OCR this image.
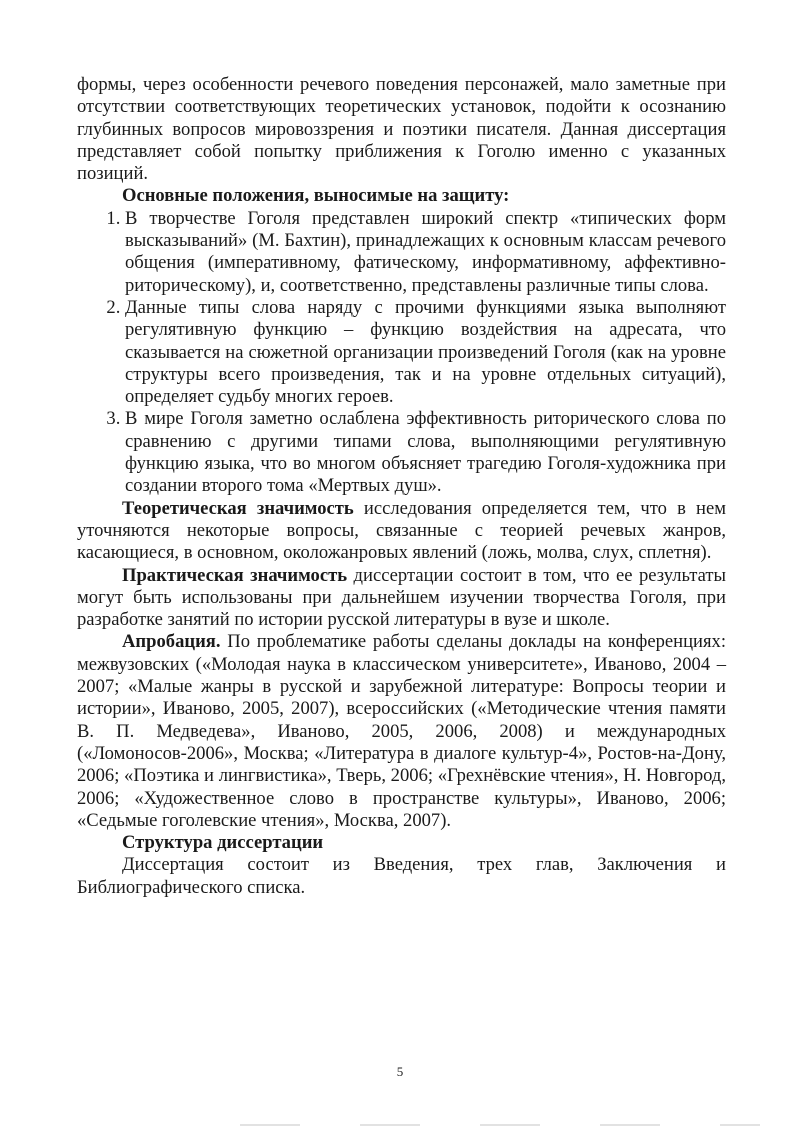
формы, через особенности речевого поведения персонажей, мало заметные при отсутствии соответствующих теоретических установок, подойти к осознанию глубинных вопросов мировоззрения и поэтики писателя. Данная диссертация представляет собой попытку приближения к Гоголю именно с указанных позиций.

Основные положения, выносимые на защиту:

1. В творчестве Гоголя представлен широкий спектр «типических форм высказываний» (М. Бахтин), принадлежащих к основным классам речевого общения (императивному, фатическому, информативному, аффективно-риторическому), и, соответственно, представлены различные типы слова.
2. Данные типы слова наряду с прочими функциями языка выполняют регулятивную функцию – функцию воздействия на адресата, что сказывается на сюжетной организации произведений Гоголя (как на уровне структуры всего произведения, так и на уровне отдельных ситуаций), определяет судьбу многих героев.
3. В мире Гоголя заметно ослаблена эффективность риторического слова по сравнению с другими типами слова, выполняющими регулятивную функцию языка, что во многом объясняет трагедию Гоголя-художника при создании второго тома «Мертвых душ».

Теоретическая значимость исследования определяется тем, что в нем уточняются некоторые вопросы, связанные с теорией речевых жанров, касающиеся, в основном, околожанровых явлений (ложь, молва, слух, сплетня).

Практическая значимость диссертации состоит в том, что ее результаты могут быть использованы при дальнейшем изучении творчества Гоголя, при разработке занятий по истории русской литературы в вузе и школе.

Апробация. По проблематике работы сделаны доклады на конференциях: межвузовских («Молодая наука в классическом университете», Иваново, 2004 – 2007; «Малые жанры в русской и зарубежной литературе: Вопросы теории и истории», Иваново, 2005, 2007), всероссийских («Методические чтения памяти В. П. Медведева», Иваново, 2005, 2006, 2008) и международных («Ломоносов-2006», Москва; «Литература в диалоге культур-4», Ростов-на-Дону, 2006; «Поэтика и лингвистика», Тверь, 2006; «Грехнёвские чтения», Н. Новгород, 2006; «Художественное слово в пространстве культуры», Иваново, 2006; «Седьмые гоголевские чтения», Москва, 2007).

Структура диссертации

Диссертация состоит из Введения, трех глав, Заключения и Библиографического списка.

5
